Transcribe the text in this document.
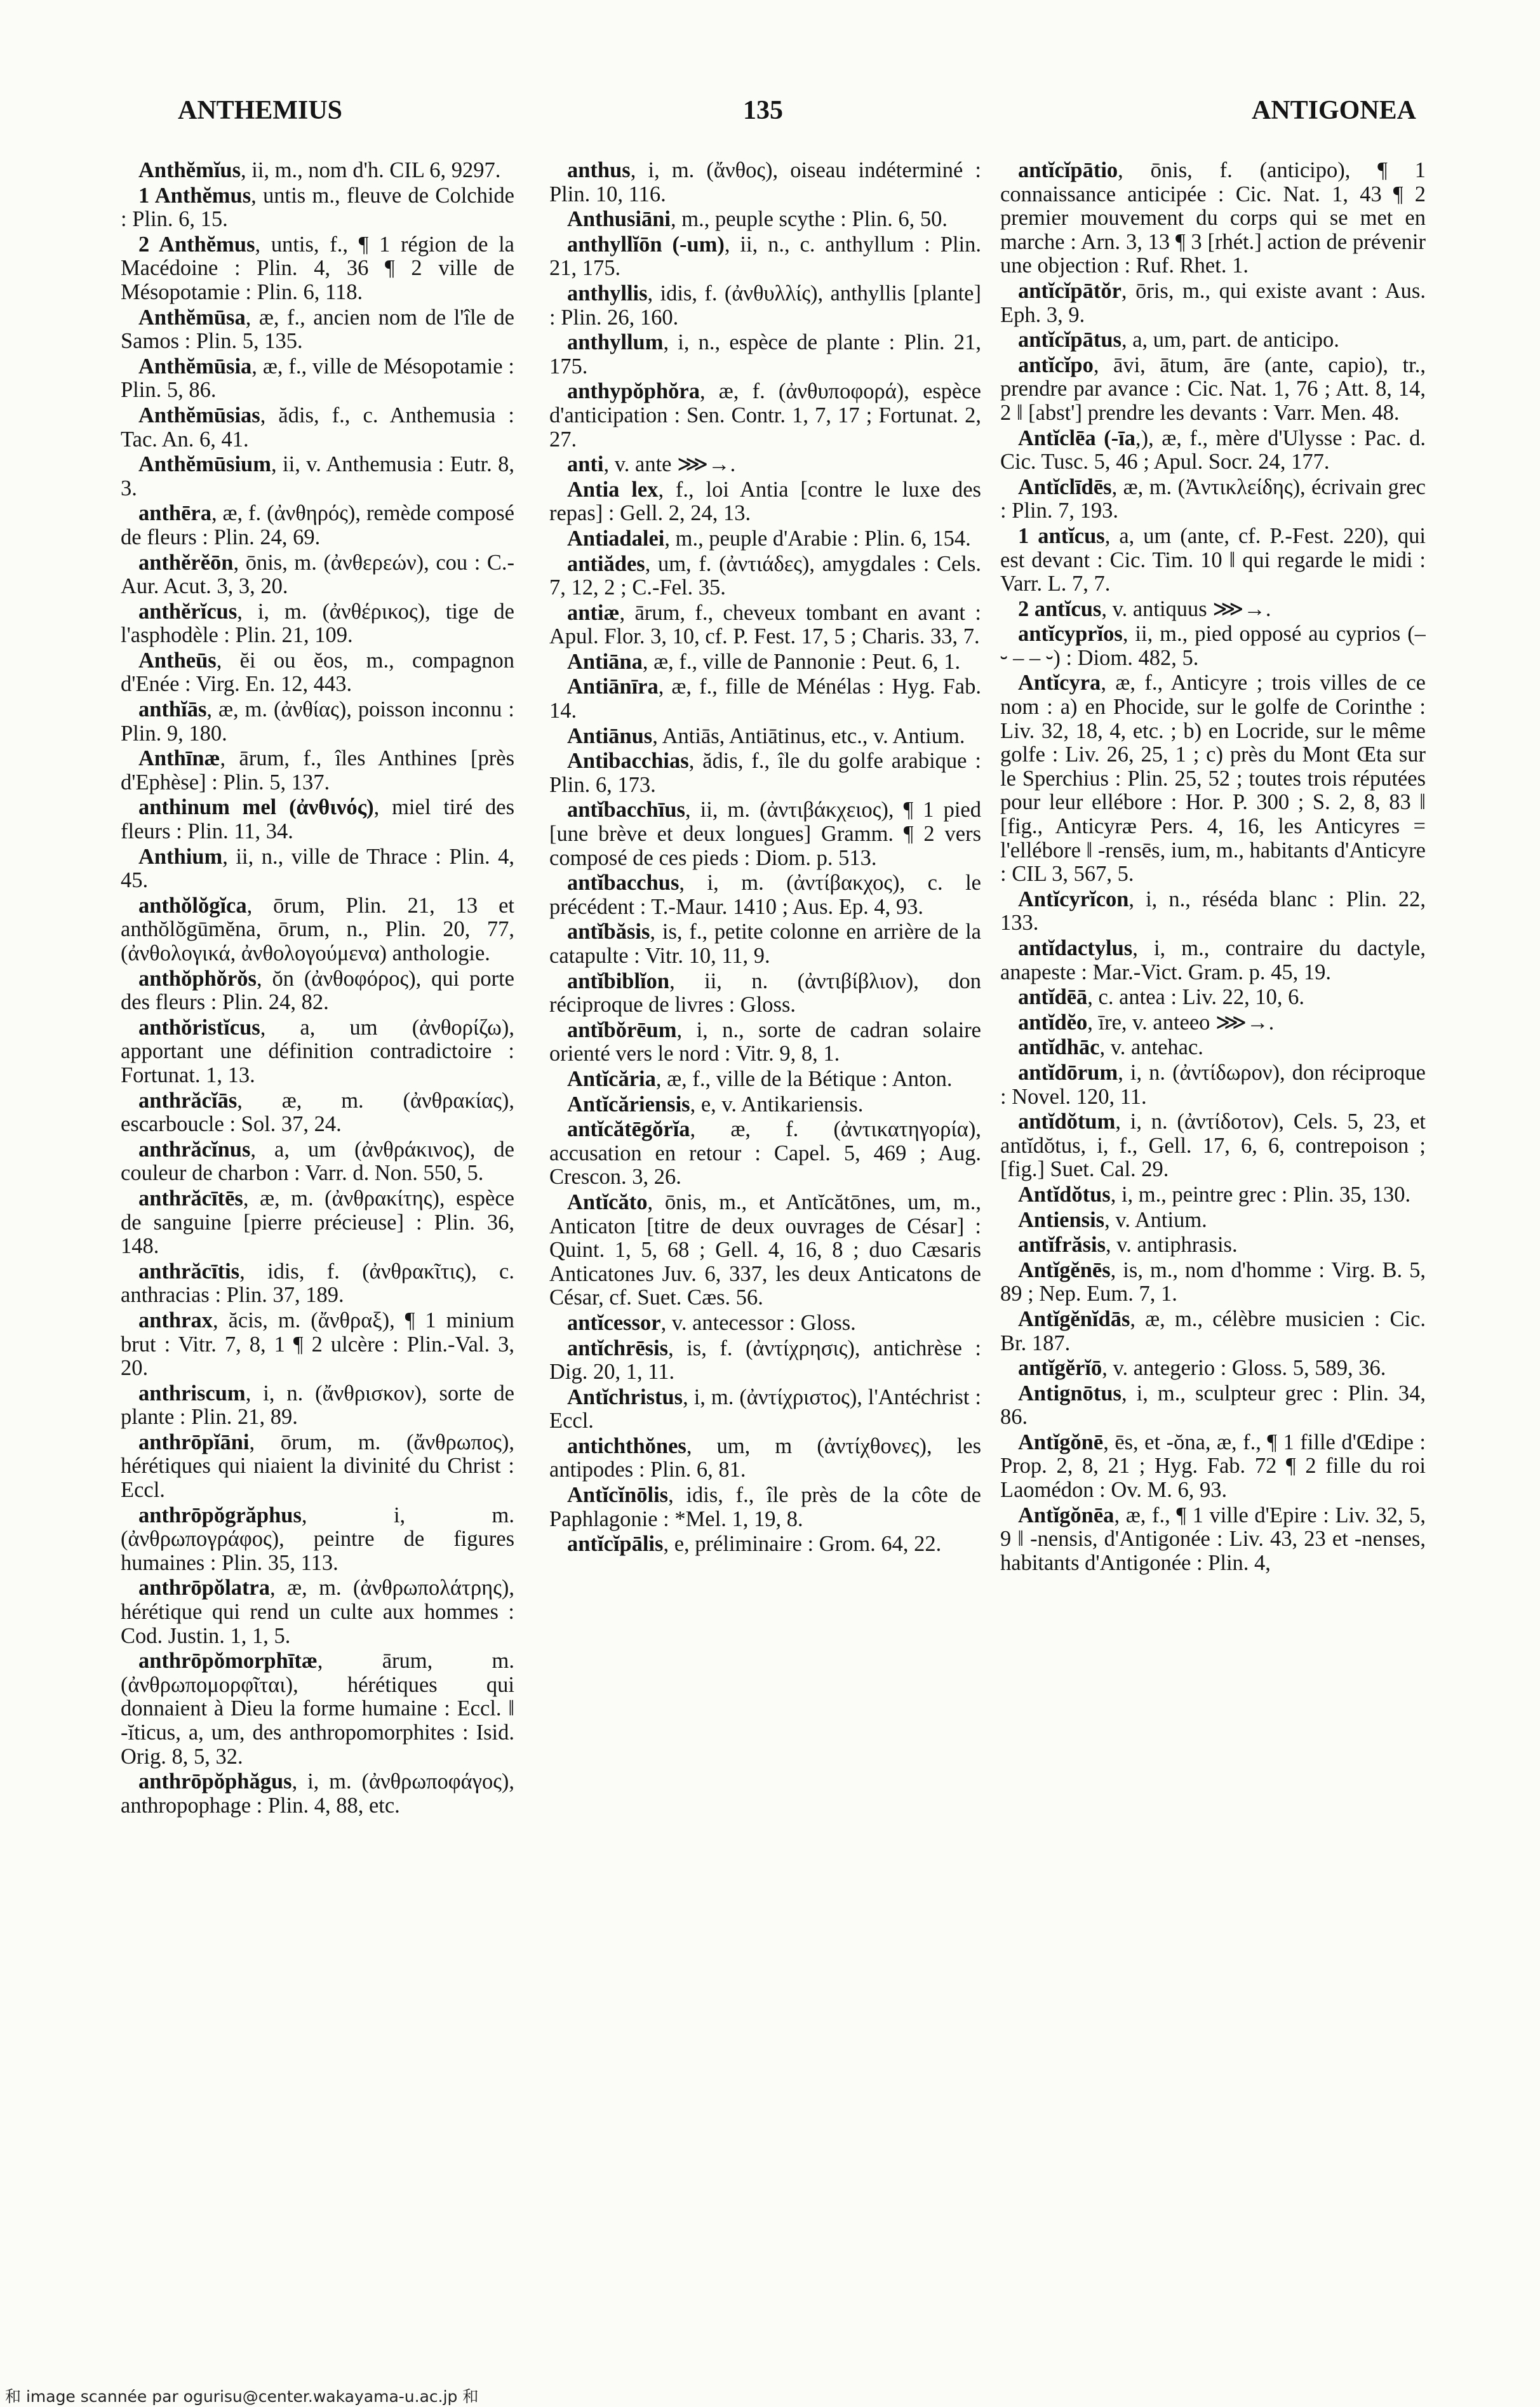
ANTHEMIUS	135	ANTIGONEA

Anthĕmĭus, ii, m., nom d'h. CIL 6, 9297.

1 Anthĕmus, untis m., fleuve de Colchide : Plin. 6, 15.

2 Anthĕmus, untis, f., ¶ 1 région de la Macédoine : Plin. 4, 36 ¶ 2 ville de Mésopotamie : Plin. 6, 118.

Anthĕmūsa, æ, f., ancien nom de l'île de Samos : Plin. 5, 135.

Anthĕmūsia, æ, f., ville de Mésopotamie : Plin. 5, 86.

Anthĕmūsias, ădis, f., c. Anthemusia : Tac. An. 6, 41.

Anthĕmūsium, ii, v. Anthemusia : Eutr. 8, 3.

anthēra, æ, f. (ἀνθηρός), remède composé de fleurs : Plin. 24, 69.

anthĕrĕōn, ōnis, m. (ἀνθερεών), cou : C.-Aur. Acut. 3, 3, 20.

anthĕrĭcus, i, m. (ἀνθέρικος), tige de l'asphodèle : Plin. 21, 109.

Antheūs, ĕi ou ĕos, m., compagnon d'Enée : Virg. En. 12, 443.

anthĭās, æ, m. (ἀνθίας), poisson inconnu : Plin. 9, 180.

Anthīnæ, ārum, f., îles Anthines [près d'Ephèse] : Plin. 5, 137.

anthinum mel (ἀνθινός), miel tiré des fleurs : Plin. 11, 34.

Anthium, ii, n., ville de Thrace : Plin. 4, 45.

anthŏlŏgĭca, ōrum, Plin. 21, 13 et anthŏlŏgūmĕna, ōrum, n., Plin. 20, 77, (ἀνθολογικά, ἀνθολογούμενα) anthologie.

anthŏphŏrŏs, ŏn (ἀνθοφόρος), qui porte des fleurs : Plin. 24, 82.

anthŏristĭcus, a, um (ἀνθορίζω), apportant une définition contradictoire : Fortunat. 1, 13.

anthrăcĭās, æ, m. (ἀνθρακίας), escarboucle : Sol. 37, 24.

anthrăcĭnus, a, um (ἀνθράκινος), de couleur de charbon : Varr. d. Non. 550, 5.

anthrăcītēs, æ, m. (ἀνθρακίτης), espèce de sanguine [pierre précieuse] : Plin. 36, 148.

anthrăcītis, idis, f. (ἀνθρακῖτις), c. anthracias : Plin. 37, 189.

anthrax, ăcis, m. (ἄνθραξ), ¶ 1 minium brut : Vitr. 7, 8, 1 ¶ 2 ulcère : Plin.-Val. 3, 20.

anthriscum, i, n. (ἄνθρισκον), sorte de plante : Plin. 21, 89.

anthrōpĭāni, ōrum, m. (ἄνθρωπος), hérétiques qui niaient la divinité du Christ : Eccl.

anthrōpŏgrăphus, i, m. (ἀνθρωπογράφος), peintre de figures humaines : Plin. 35, 113.

anthrōpŏlatra, æ, m. (ἀνθρωπολάτρης), hérétique qui rend un culte aux hommes : Cod. Justin. 1, 1, 5.

anthrōpŏmorphītæ, ārum, m. (ἀνθρωπομορφῖται), hérétiques qui donnaient à Dieu la forme humaine : Eccl. ‖ -ĭticus, a, um, des anthropomorphites : Isid. Orig. 8, 5, 32.

anthrōpŏphăgus, i, m. (ἀνθρωποφάγος), anthropophage : Plin. 4, 88, etc.

anthus, i, m. (ἄνθος), oiseau indéterminé : Plin. 10, 116.

Anthusiāni, m., peuple scythe : Plin. 6, 50.

anthyllĭōn (-um), ii, n., c. anthyllum : Plin. 21, 175.

anthyllis, idis, f. (ἀνθυλλίς), anthyllis [plante] : Plin. 26, 160.

anthyllum, i, n., espèce de plante : Plin. 21, 175.

anthypŏphŏra, æ, f. (ἀνθυποφορά), espèce d'anticipation : Sen. Contr. 1, 7, 17 ; Fortunat. 2, 27.

anti, v. ante ⋙→.

Antia lex, f., loi Antia [contre le luxe des repas] : Gell. 2, 24, 13.

Antiadalei, m., peuple d'Arabie : Plin. 6, 154.

antiădes, um, f. (ἀντιάδες), amygdales : Cels. 7, 12, 2 ; C.-Fel. 35.

antiæ, ārum, f., cheveux tombant en avant : Apul. Flor. 3, 10, cf. P. Fest. 17, 5 ; Charis. 33, 7.

Antiāna, æ, f., ville de Pannonie : Peut. 6, 1.

Antiānīra, æ, f., fille de Ménélas : Hyg. Fab. 14.

Antiānus, Antiās, Antiātinus, etc., v. Antium.

Antibacchias, ădis, f., île du golfe arabique : Plin. 6, 173.

antĭbacchīus, ii, m. (ἀντιβάκχειος), ¶ 1 pied [une brève et deux longues] Gramm. ¶ 2 vers composé de ces pieds : Diom. p. 513.

antĭbacchus, i, m. (ἀντίβακχος), c. le précédent : T.-Maur. 1410 ; Aus. Ep. 4, 93.

antĭbăsis, is, f., petite colonne en arrière de la catapulte : Vitr. 10, 11, 9.

antĭbiblĭon, ii, n. (ἀντιβίβλιον), don réciproque de livres : Gloss.

antĭbŏrēum, i, n., sorte de cadran solaire orienté vers le nord : Vitr. 9, 8, 1.

Antĭcăria, æ, f., ville de la Bétique : Anton.

Antĭcăriensis, e, v. Antikariensis.

antĭcătēgŏrĭa, æ, f. (ἀντικατηγορία), accusation en retour : Capel. 5, 469 ; Aug. Crescon. 3, 26.

Antĭcăto, ōnis, m., et Antĭcătōnes, um, m., Anticaton [titre de deux ouvrages de César] : Quint. 1, 5, 68 ; Gell. 4, 16, 8 ; duo Cæsaris Anticatones Juv. 6, 337, les deux Anticatons de César, cf. Suet. Cæs. 56.

antĭcessor, v. antecessor : Gloss.

antĭchrēsis, is, f. (ἀντίχρησις), antichrèse : Dig. 20, 1, 11.

Antĭchristus, i, m. (ἀντίχριστος), l'Antéchrist : Eccl.

antichthŏnes, um, m (ἀντίχθονες), les antipodes : Plin. 6, 81.

Antĭcĭnōlis, idis, f., île près de la côte de Paphlagonie : *Mel. 1, 19, 8.

antĭcĭpālis, e, préliminaire : Grom. 64, 22.

antĭcĭpātio, ōnis, f. (anticipo), ¶ 1 connaissance anticipée : Cic. Nat. 1, 43 ¶ 2 premier mouvement du corps qui se met en marche : Arn. 3, 13 ¶ 3 [rhét.] action de prévenir une objection : Ruf. Rhet. 1.

antĭcĭpātŏr, ōris, m., qui existe avant : Aus. Eph. 3, 9.

antĭcĭpātus, a, um, part. de anticipo.

antĭcĭpo, āvi, ātum, āre (ante, capio), tr., prendre par avance : Cic. Nat. 1, 76 ; Att. 8, 14, 2 ‖ [abst'] prendre les devants : Varr. Men. 48.

Antĭclēa (-īa,), æ, f., mère d'Ulysse : Pac. d. Cic. Tusc. 5, 46 ; Apul. Socr. 24, 177.

Antĭclīdēs, æ, m. (Ἀντικλείδης), écrivain grec : Plin. 7, 193.

1 antĭcus, a, um (ante, cf. P.-Fest. 220), qui est devant : Cic. Tim. 10 ‖ qui regarde le midi : Varr. L. 7, 7.

2 antĭcus, v. antiquus ⋙→.

antĭcyprĭos, ii, m., pied opposé au cyprios (– ⏑ – – ⏑) : Diom. 482, 5.

Antĭcyra, æ, f., Anticyre ; trois villes de ce nom : a) en Phocide, sur le golfe de Corinthe : Liv. 32, 18, 4, etc. ; b) en Locride, sur le même golfe : Liv. 26, 25, 1 ; c) près du Mont Œta sur le Sperchius : Plin. 25, 52 ; toutes trois réputées pour leur ellébore : Hor. P. 300 ; S. 2, 8, 83 ‖ [fig., Anticyræ Pers. 4, 16, les Anticyres = l'ellébore ‖ -rensēs, ium, m., habitants d'Anticyre : CIL 3, 567, 5.

Antĭcyrĭcon, i, n., réséda blanc : Plin. 22, 133.

antĭdactylus, i, m., contraire du dactyle, anapeste : Mar.-Vict. Gram. p. 45, 19.

antĭdēā, c. antea : Liv. 22, 10, 6.

antĭdĕo, īre, v. anteeo ⋙→.

antĭdhāc, v. antehac.

antĭdōrum, i, n. (ἀντίδωρον), don réciproque : Novel. 120, 11.

antĭdŏtum, i, n. (ἀντίδοτον), Cels. 5, 23, et antĭdŏtus, i, f., Gell. 17, 6, 6, contrepoison ; [fig.] Suet. Cal. 29.

Antĭdŏtus, i, m., peintre grec : Plin. 35, 130.

Antiensis, v. Antium.

antĭfrăsis, v. antiphrasis.

Antĭgĕnēs, is, m., nom d'homme : Virg. B. 5, 89 ; Nep. Eum. 7, 1.

Antĭgĕnĭdās, æ, m., célèbre musicien : Cic. Br. 187.

antĭgĕrĭō, v. antegerio : Gloss. 5, 589, 36.

Antignōtus, i, m., sculpteur grec : Plin. 34, 86.

Antĭgŏnē, ēs, et -ŏna, æ, f., ¶ 1 fille d'Œdipe : Prop. 2, 8, 21 ; Hyg. Fab. 72 ¶ 2 fille du roi Laomédon : Ov. M. 6, 93.

Antĭgŏnēa, æ, f., ¶ 1 ville d'Epire : Liv. 32, 5, 9 ‖ -nensis, d'Antigonée : Liv. 43, 23 et -nenses, habitants d'Antigonée : Plin. 4,

和 image scannée par ogurisu@center.wakayama-u.ac.jp 和
